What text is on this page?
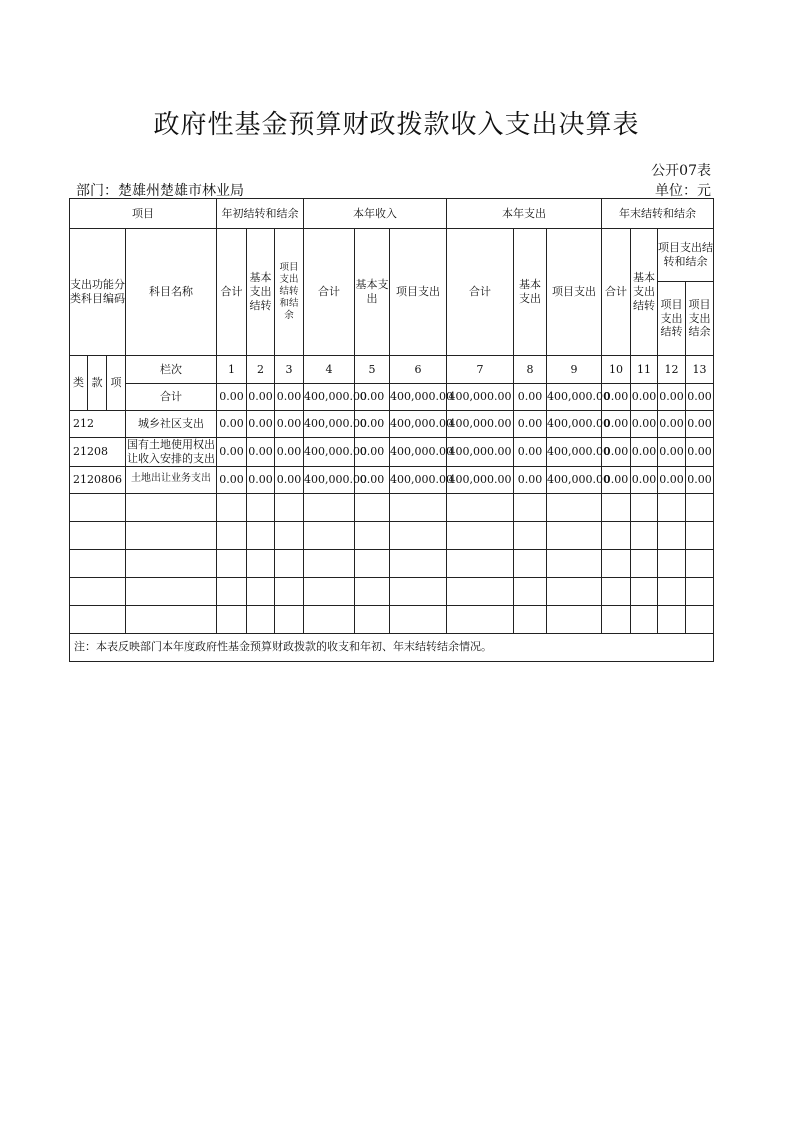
政府性基金预算财政拨款收入支出决算表
公开07表
部门：楚雄州楚雄市林业局	单位：元
项目				年初结转和结余			本年收入			本年支出			年末结转和结余			
支出功能分类科目编码			科目名称	合计	基本支出结转	项目支出结转和结余	合计	基本支出	项目支出	合计	基本支出	项目支出	合计	基本支出结转	项目支出结转和结余	
															项目支出结转	项目支出结余
类	款	项	栏次	1	2	3	4	5	6	7	8	9	10	11	12	13
			合计	0.00	0.00	0.00	400,000.00	0.00	400,000.00	400,000.00	0.00	400,000.00	0.00	0.00	0.00	0.00
212			城乡社区支出	0.00	0.00	0.00	400,000.00	0.00	400,000.00	400,000.00	0.00	400,000.00	0.00	0.00	0.00	0.00
21208			国有土地使用权出让收入安排的支出	0.00	0.00	0.00	400,000.00	0.00	400,000.00	400,000.00	0.00	400,000.00	0.00	0.00	0.00	0.00
2120806			土地出让业务支出	0.00	0.00	0.00	400,000.00	0.00	400,000.00	400,000.00	0.00	400,000.00	0.00	0.00	0.00	0.00

注：本表反映部门本年度政府性基金预算财政拨款的收支和年初、年末结转结余情况。																
